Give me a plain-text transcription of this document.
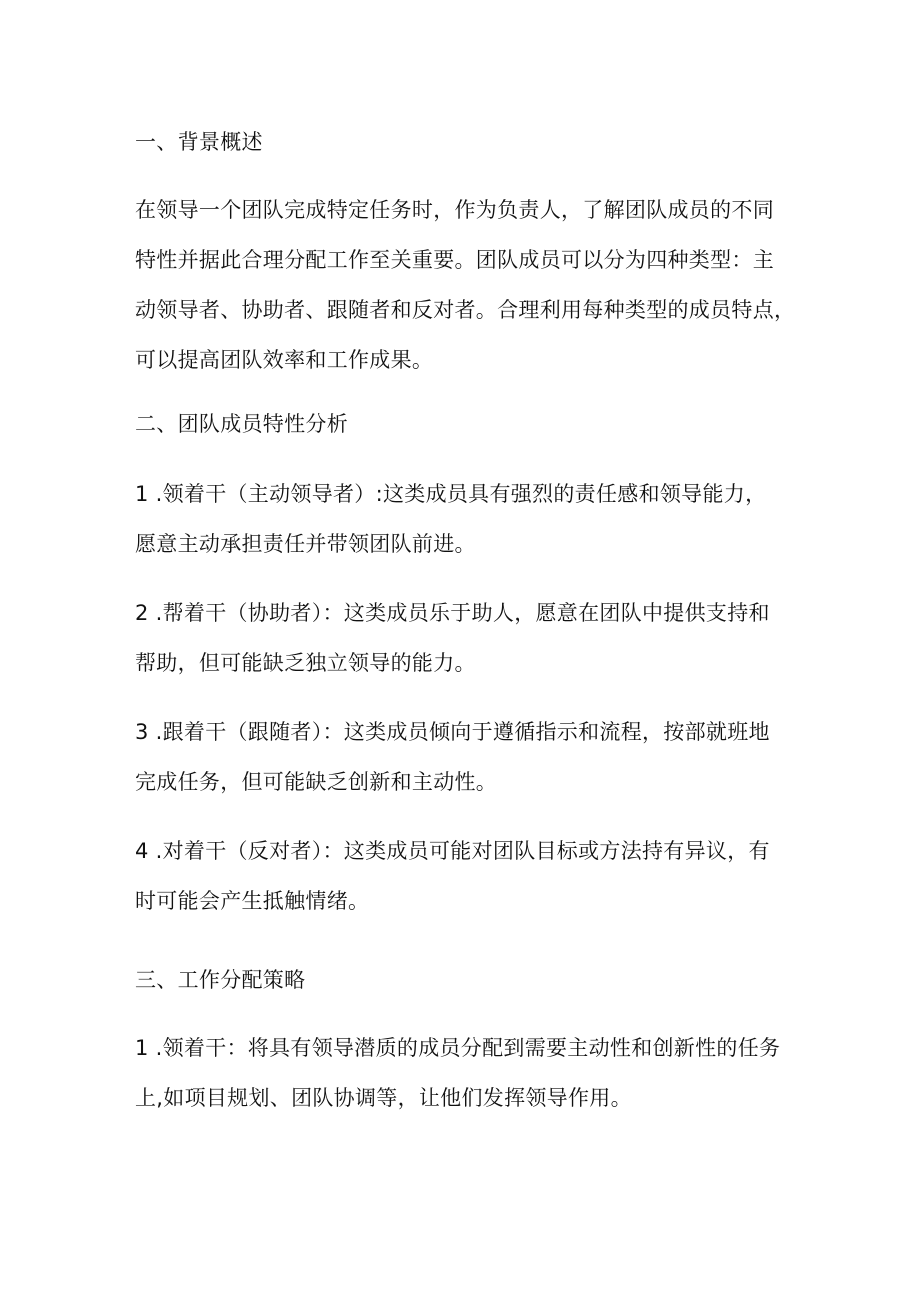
一、背景概述
在领导一个团队完成特定任务时，作为负责人，了解团队成员的不同
特性并据此合理分配工作至关重要。团队成员可以分为四种类型：主
动领导者、协助者、跟随者和反对者。合理利用每种类型的成员特点，
可以提高团队效率和工作成果。
二、团队成员特性分析
1 .领着干（主动领导者）:这类成员具有强烈的责任感和领导能力，
愿意主动承担责任并带领团队前进。
2 .帮着干（协助者）：这类成员乐于助人，愿意在团队中提供支持和
帮助，但可能缺乏独立领导的能力。
3 .跟着干（跟随者）：这类成员倾向于遵循指示和流程，按部就班地
完成任务，但可能缺乏创新和主动性。
4 .对着干（反对者）：这类成员可能对团队目标或方法持有异议，有
时可能会产生抵触情绪。
三、工作分配策略
1 .领着干：将具有领导潜质的成员分配到需要主动性和创新性的任务
上,如项目规划、团队协调等，让他们发挥领导作用。
